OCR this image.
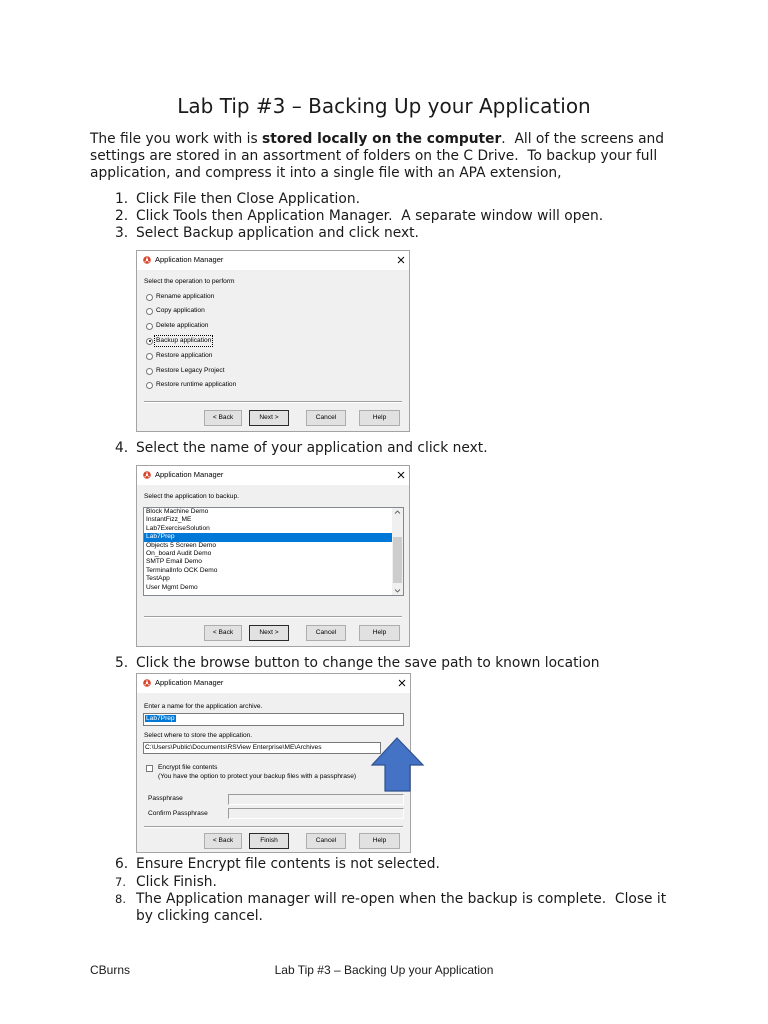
Lab Tip #3 – Backing Up your Application

The file you work with is stored locally on the computer.  All of the screens and settings are stored in an assortment of folders on the C Drive.  To backup your full application, and compress it into a single file with an APA extension,

1. Click File then Close Application.
2. Click Tools then Application Manager.  A separate window will open.
3. Select Backup application and click next.
Application Manager
Select the operation to perform
Rename application
Copy application
Delete application
Backup application
Restore application
Restore Legacy Project
Restore runtime application
< Back	Next >	Cancel	Help
4. Select the name of your application and click next.
Application Manager
Select the application to backup.
Block Machine Demo
InstantFizz_ME
Lab7ExerciseSolution
Lab7Prep
Objects 5 Screen Demo
On_board Audit Demo
SMTP Email Demo
TerminalInfo OCK Demo
TestApp
User Mgmt Demo
< Back	Next >	Cancel	Help
5. Click the browse button to change the save path to known location
Application Manager
Enter a name for the application archive.
Lab7Prep
Select where to store the application.
C:\Users\Public\Documents\RSView Enterprise\ME\Archives
Encrypt file contents
(You have the option to protect your backup files with a passphrase)
Passphrase
Confirm Passphrase
< Back	Finish	Cancel	Help
6. Ensure Encrypt file contents is not selected.
7. Click Finish.
8. The Application manager will re-open when the backup is complete.  Close it by clicking cancel.
CBurns	Lab Tip #3 – Backing Up your Application
